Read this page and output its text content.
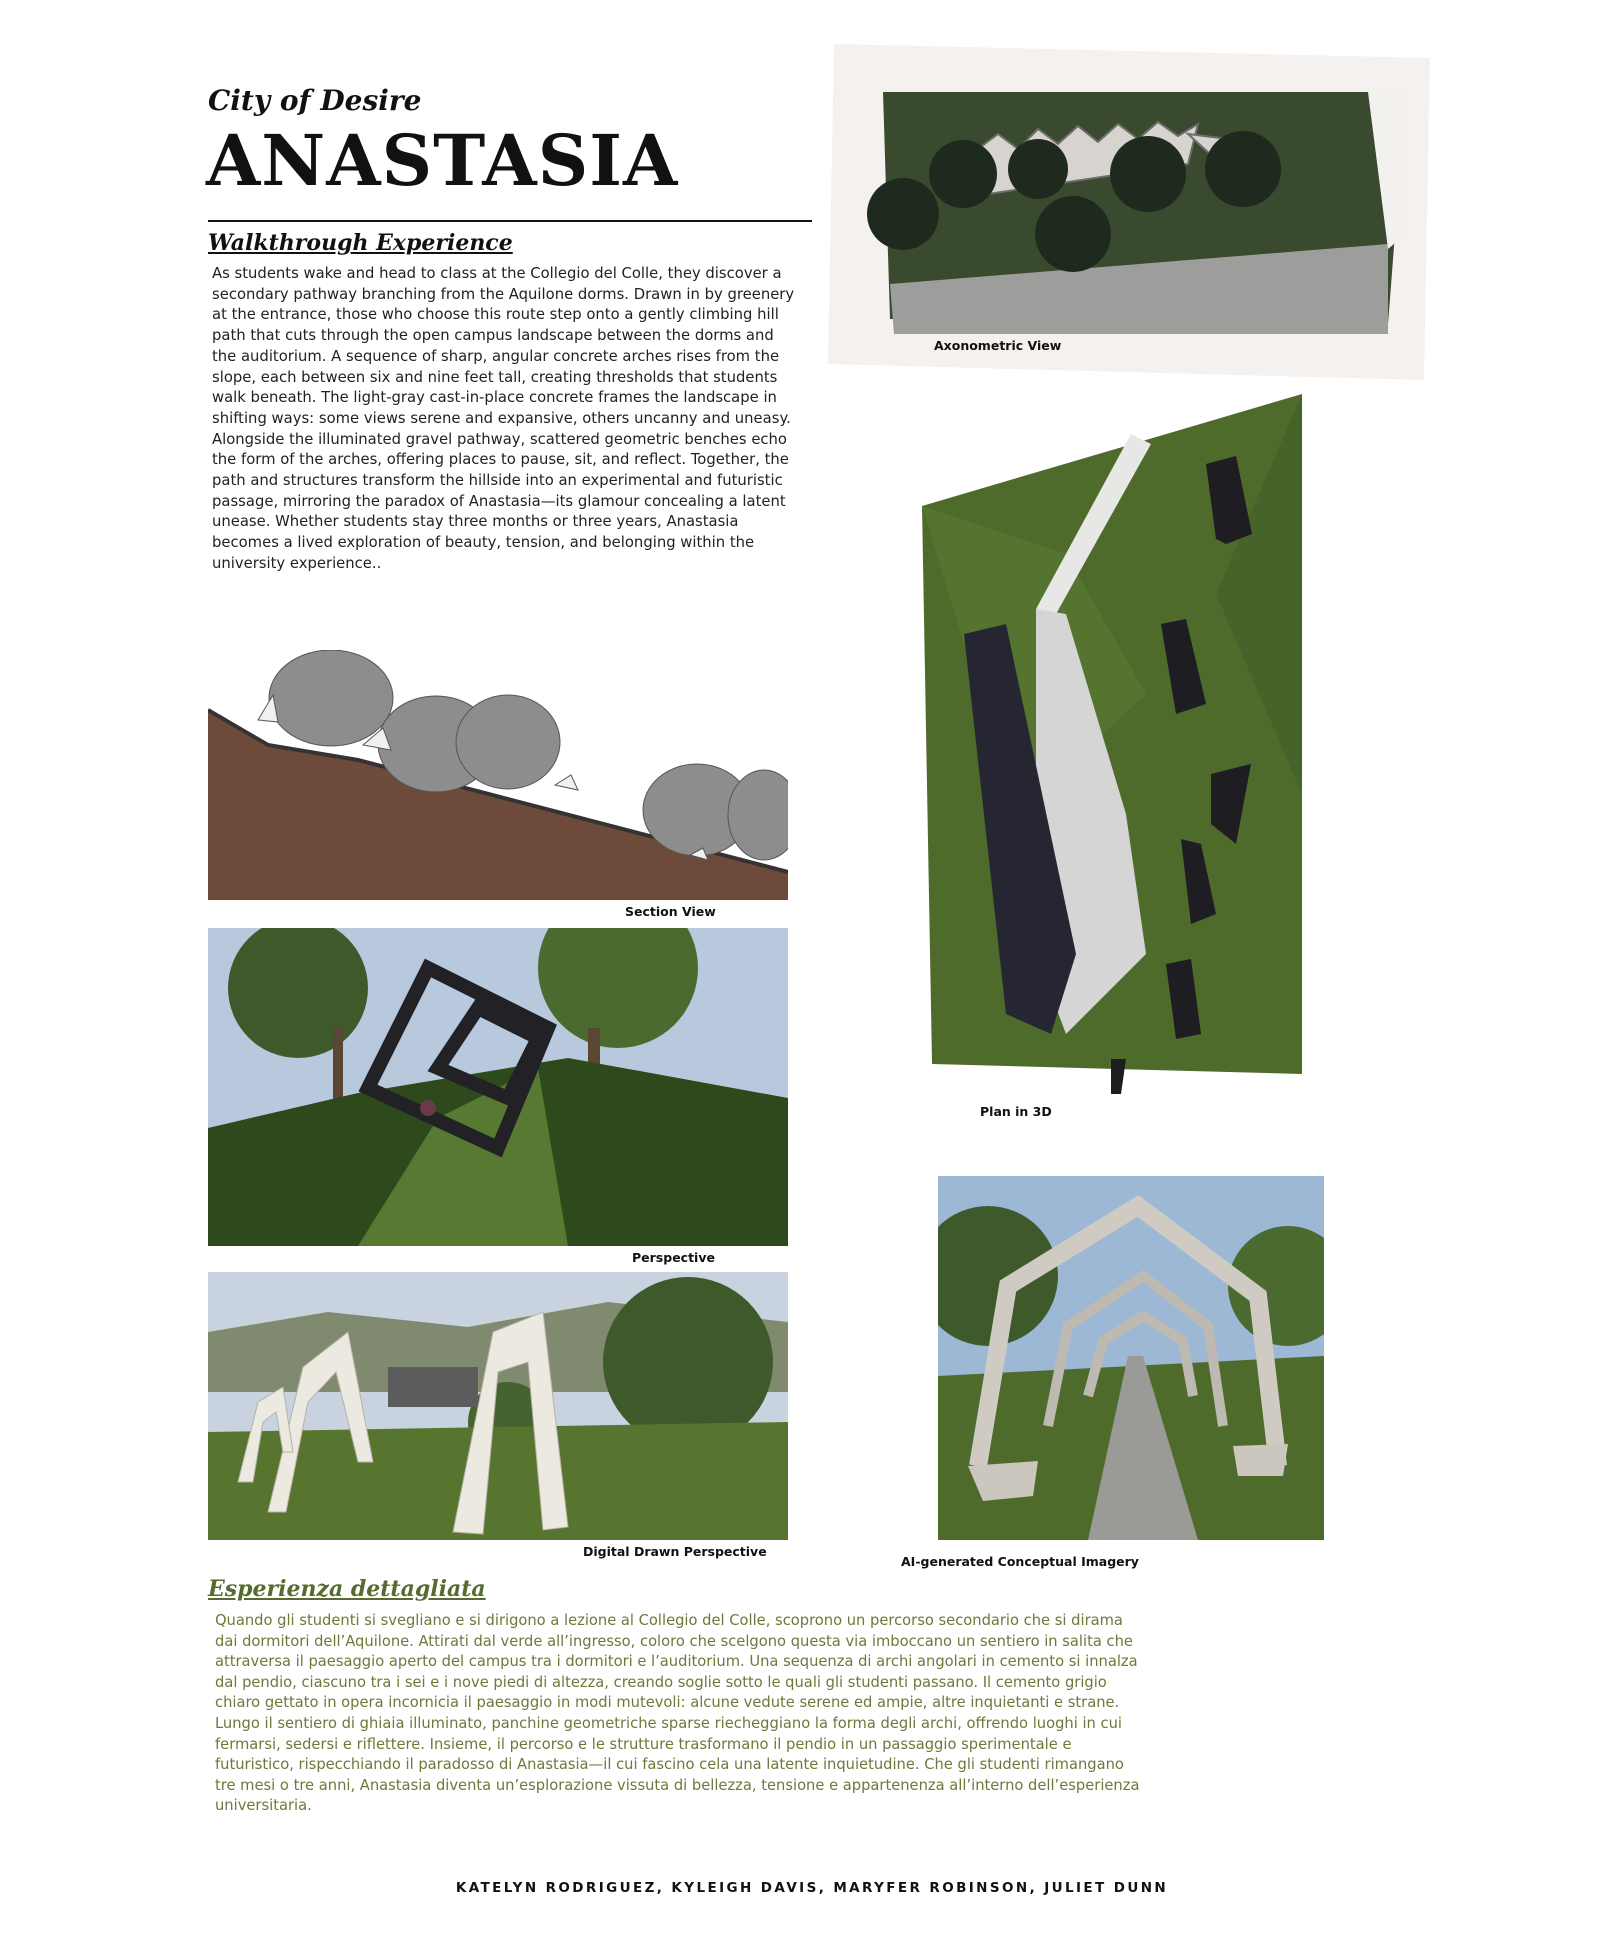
City of Desire
ANASTASIA
Walkthrough Experience

As students wake and head to class at the Collegio del Colle, they discover a secondary pathway branching from the Aquilone dorms. Drawn in by greenery at the entrance, those who choose this route step onto a gently climbing hill path that cuts through the open campus landscape between the dorms and the auditorium. A sequence of sharp, angular concrete arches rises from the slope, each between six and nine feet tall, creating thresholds that students walk beneath. The light-gray cast-in-place concrete frames the landscape in shifting ways: some views serene and expansive, others uncanny and uneasy. Alongside the illuminated gravel pathway, scattered geometric benches echo the form of the arches, offering places to pause, sit, and reflect. Together, the path and structures transform the hillside into an experimental and futuristic passage, mirroring the paradox of Anastasia—its glamour concealing a latent unease. Whether students stay three months or three years, Anastasia becomes a lived exploration of beauty, tension, and belonging within the university experience..

Axonometric View
Plan in 3D
Section View
Perspective
Digital Drawn Perspective
AI-generated Conceptual Imagery
Esperienza dettagliata

Quando gli studenti si svegliano e si dirigono a lezione al Collegio del Colle, scoprono un percorso secondario che si dirama dai dormitori dell’Aquilone. Attirati dal verde all’ingresso, coloro che scelgono questa via imboccano un sentiero in salita che attraversa il paesaggio aperto del campus tra i dormitori e l’auditorium. Una sequenza di archi angolari in cemento si innalza dal pendio, ciascuno tra i sei e i nove piedi di altezza, creando soglie sotto le quali gli studenti passano. Il cemento grigio chiaro gettato in opera incornicia il paesaggio in modi mutevoli: alcune vedute serene ed ampie, altre inquietanti e strane. Lungo il sentiero di ghiaia illuminato, panchine geometriche sparse riecheggiano la forma degli archi, offrendo luoghi in cui fermarsi, sedersi e riflettere. Insieme, il percorso e le strutture trasformano il pendio in un passaggio sperimentale e futuristico, rispecchiando il paradosso di Anastasia—il cui fascino cela una latente inquietudine. Che gli studenti rimangano tre mesi o tre anni, Anastasia diventa un’esplorazione vissuta di bellezza, tensione e appartenenza all’interno dell’esperienza universitaria.

KATELYN RODRIGUEZ, KYLEIGH DAVIS, MARYFER ROBINSON, JULIET DUNN
